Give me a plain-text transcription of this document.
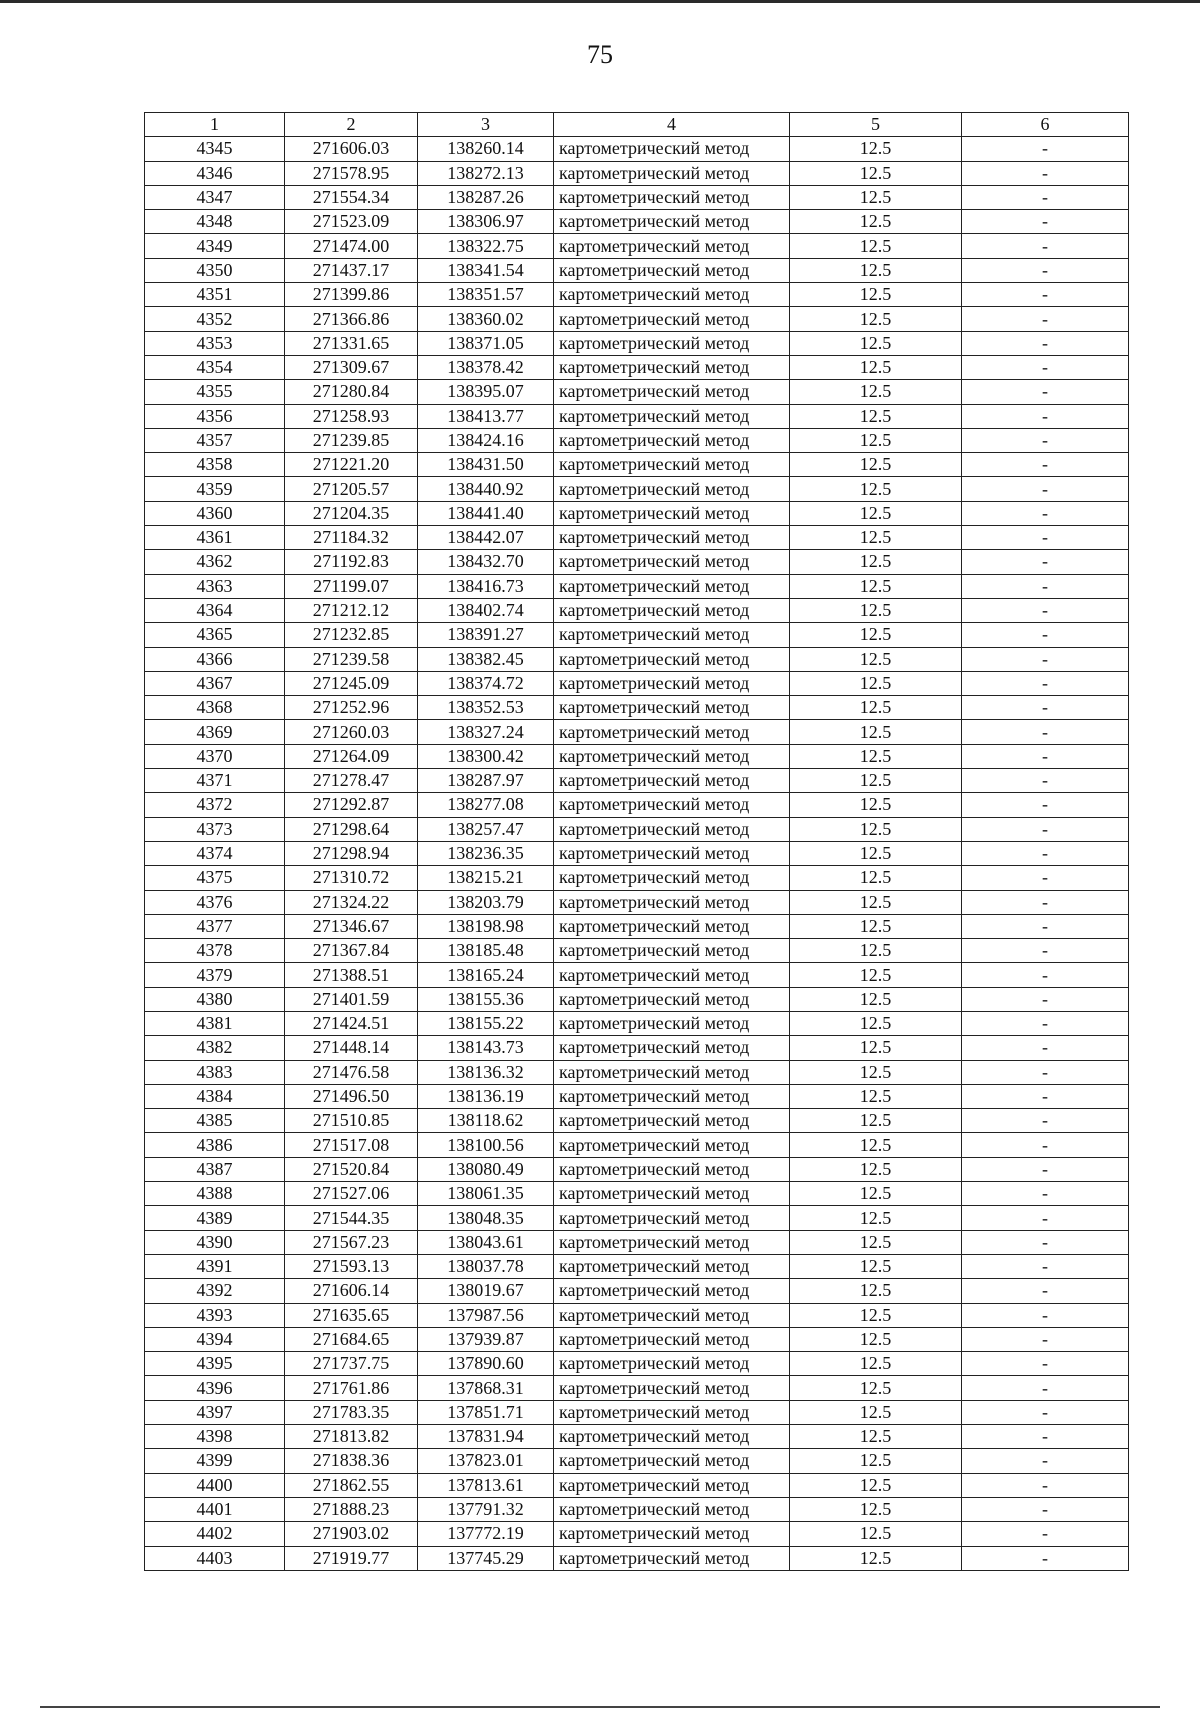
75
1	2	3	4	5	6
4345	271606.03	138260.14	картометрический метод	12.5	-
4346	271578.95	138272.13	картометрический метод	12.5	-
4347	271554.34	138287.26	картометрический метод	12.5	-
4348	271523.09	138306.97	картометрический метод	12.5	-
4349	271474.00	138322.75	картометрический метод	12.5	-
4350	271437.17	138341.54	картометрический метод	12.5	-
4351	271399.86	138351.57	картометрический метод	12.5	-
4352	271366.86	138360.02	картометрический метод	12.5	-
4353	271331.65	138371.05	картометрический метод	12.5	-
4354	271309.67	138378.42	картометрический метод	12.5	-
4355	271280.84	138395.07	картометрический метод	12.5	-
4356	271258.93	138413.77	картометрический метод	12.5	-
4357	271239.85	138424.16	картометрический метод	12.5	-
4358	271221.20	138431.50	картометрический метод	12.5	-
4359	271205.57	138440.92	картометрический метод	12.5	-
4360	271204.35	138441.40	картометрический метод	12.5	-
4361	271184.32	138442.07	картометрический метод	12.5	-
4362	271192.83	138432.70	картометрический метод	12.5	-
4363	271199.07	138416.73	картометрический метод	12.5	-
4364	271212.12	138402.74	картометрический метод	12.5	-
4365	271232.85	138391.27	картометрический метод	12.5	-
4366	271239.58	138382.45	картометрический метод	12.5	-
4367	271245.09	138374.72	картометрический метод	12.5	-
4368	271252.96	138352.53	картометрический метод	12.5	-
4369	271260.03	138327.24	картометрический метод	12.5	-
4370	271264.09	138300.42	картометрический метод	12.5	-
4371	271278.47	138287.97	картометрический метод	12.5	-
4372	271292.87	138277.08	картометрический метод	12.5	-
4373	271298.64	138257.47	картометрический метод	12.5	-
4374	271298.94	138236.35	картометрический метод	12.5	-
4375	271310.72	138215.21	картометрический метод	12.5	-
4376	271324.22	138203.79	картометрический метод	12.5	-
4377	271346.67	138198.98	картометрический метод	12.5	-
4378	271367.84	138185.48	картометрический метод	12.5	-
4379	271388.51	138165.24	картометрический метод	12.5	-
4380	271401.59	138155.36	картометрический метод	12.5	-
4381	271424.51	138155.22	картометрический метод	12.5	-
4382	271448.14	138143.73	картометрический метод	12.5	-
4383	271476.58	138136.32	картометрический метод	12.5	-
4384	271496.50	138136.19	картометрический метод	12.5	-
4385	271510.85	138118.62	картометрический метод	12.5	-
4386	271517.08	138100.56	картометрический метод	12.5	-
4387	271520.84	138080.49	картометрический метод	12.5	-
4388	271527.06	138061.35	картометрический метод	12.5	-
4389	271544.35	138048.35	картометрический метод	12.5	-
4390	271567.23	138043.61	картометрический метод	12.5	-
4391	271593.13	138037.78	картометрический метод	12.5	-
4392	271606.14	138019.67	картометрический метод	12.5	-
4393	271635.65	137987.56	картометрический метод	12.5	-
4394	271684.65	137939.87	картометрический метод	12.5	-
4395	271737.75	137890.60	картометрический метод	12.5	-
4396	271761.86	137868.31	картометрический метод	12.5	-
4397	271783.35	137851.71	картометрический метод	12.5	-
4398	271813.82	137831.94	картометрический метод	12.5	-
4399	271838.36	137823.01	картометрический метод	12.5	-
4400	271862.55	137813.61	картометрический метод	12.5	-
4401	271888.23	137791.32	картометрический метод	12.5	-
4402	271903.02	137772.19	картометрический метод	12.5	-
4403	271919.77	137745.29	картометрический метод	12.5	-
